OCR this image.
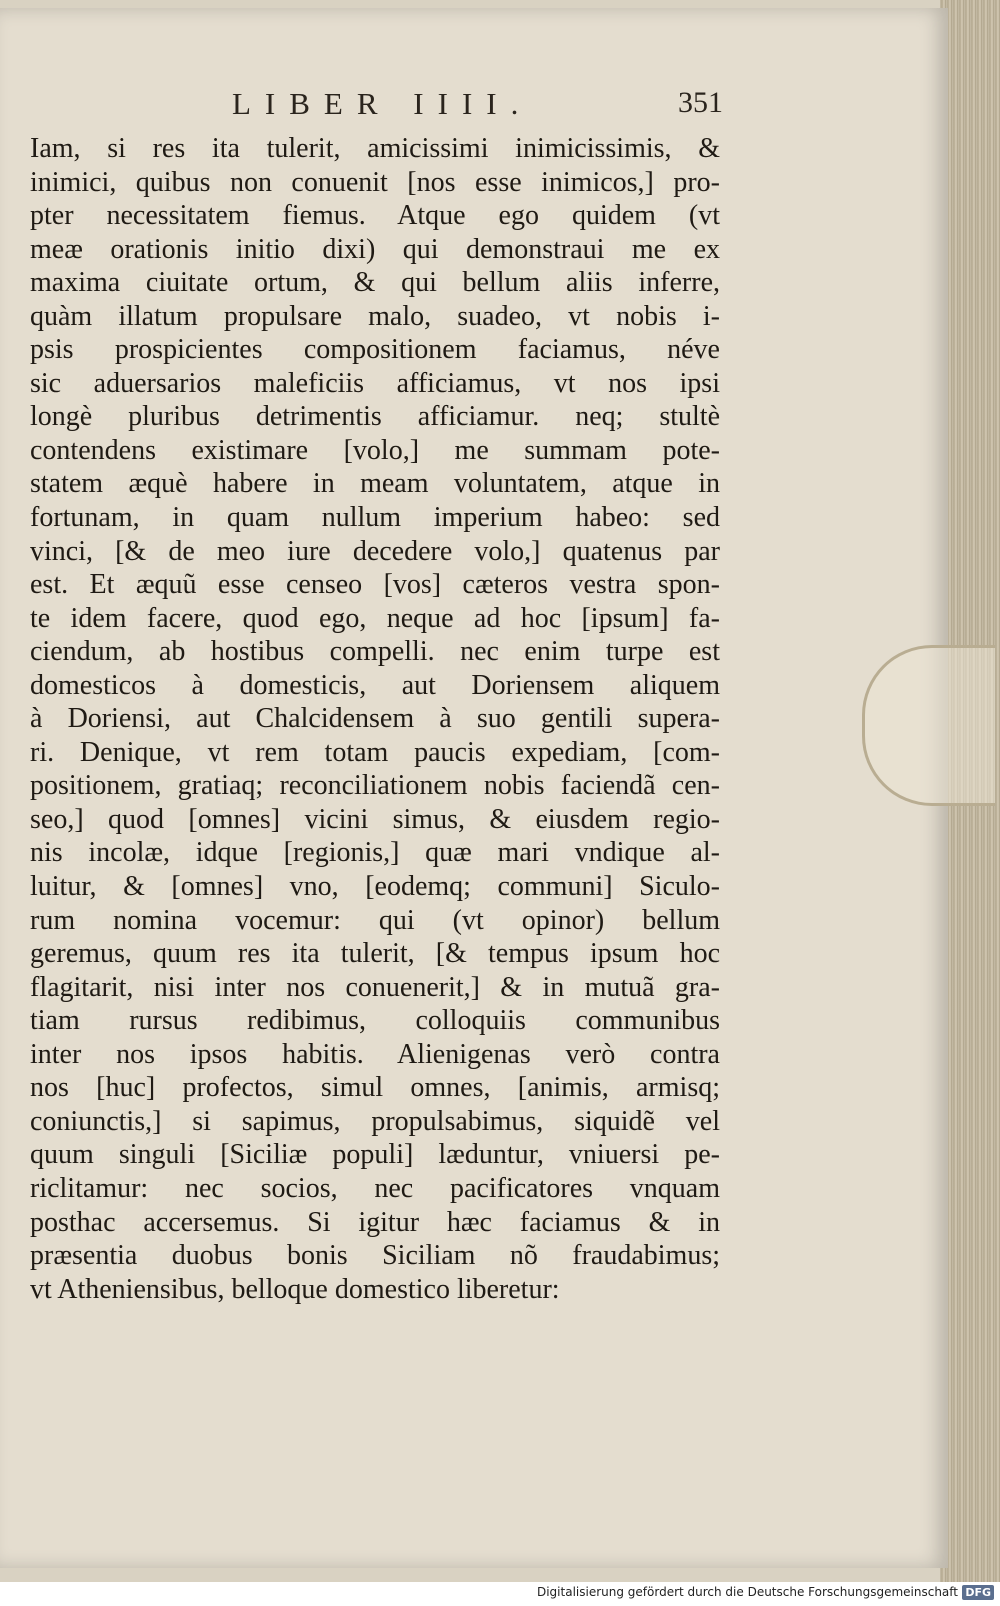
LIBER IIII.	351
Iam, si res ita tulerit, amicissimi inimicissimis, &
inimici, quibus non conuenit [nos esse inimicos,] pro-
pter necessitatem fiemus. Atque ego quidem (vt
meæ orationis initio dixi) qui demonstraui me ex
maxima ciuitate ortum, & qui bellum aliis inferre,
quàm illatum propulsare malo, suadeo, vt nobis i-
psis prospicientes compositionem faciamus, néve
sic aduersarios maleficiis afficiamus, vt nos ipsi
longè pluribus detrimentis afficiamur. neq; stultè
contendens existimare [volo,] me summam pote-
statem æquè habere in meam voluntatem, atque in
fortunam, in quam nullum imperium habeo: sed
vinci, [& de meo iure decedere volo,] quatenus par
est. Et æquũ esse censeo [vos] cæteros vestra spon-
te idem facere, quod ego, neque ad hoc [ipsum] fa-
ciendum, ab hostibus compelli. nec enim turpe est
domesticos à domesticis, aut Doriensem aliquem
à Doriensi, aut Chalcidensem à suo gentili supera-
ri. Denique, vt rem totam paucis expediam, [com-
positionem, gratiaq; reconciliationem nobis faciendã cen-
seo,] quod [omnes] vicini simus, & eiusdem regio-
nis incolæ, idque [regionis,] quæ mari vndique al-
luitur, & [omnes] vno, [eodemq; communi] Siculo-
rum nomina vocemur: qui (vt opinor) bellum
geremus, quum res ita tulerit, [& tempus ipsum hoc
flagitarit, nisi inter nos conuenerit,] & in mutuã gra-
tiam rursus redibimus, colloquiis communibus
inter nos ipsos habitis. Alienigenas verò contra
nos [huc] profectos, simul omnes, [animis, armisq;
coniunctis,] si sapimus, propulsabimus, siquidẽ vel
quum singuli [Siciliæ populi] læduntur, vniuersi pe-
riclitamur: nec socios, nec pacificatores vnquam
posthac accersemus. Si igitur hæc faciamus & in
præsentia duobus bonis Siciliam nõ fraudabimus;
vt Atheniensibus, belloque domestico liberetur:
Digitalisierung gefördert durch die Deutsche Forschungsgemeinschaft DFG
